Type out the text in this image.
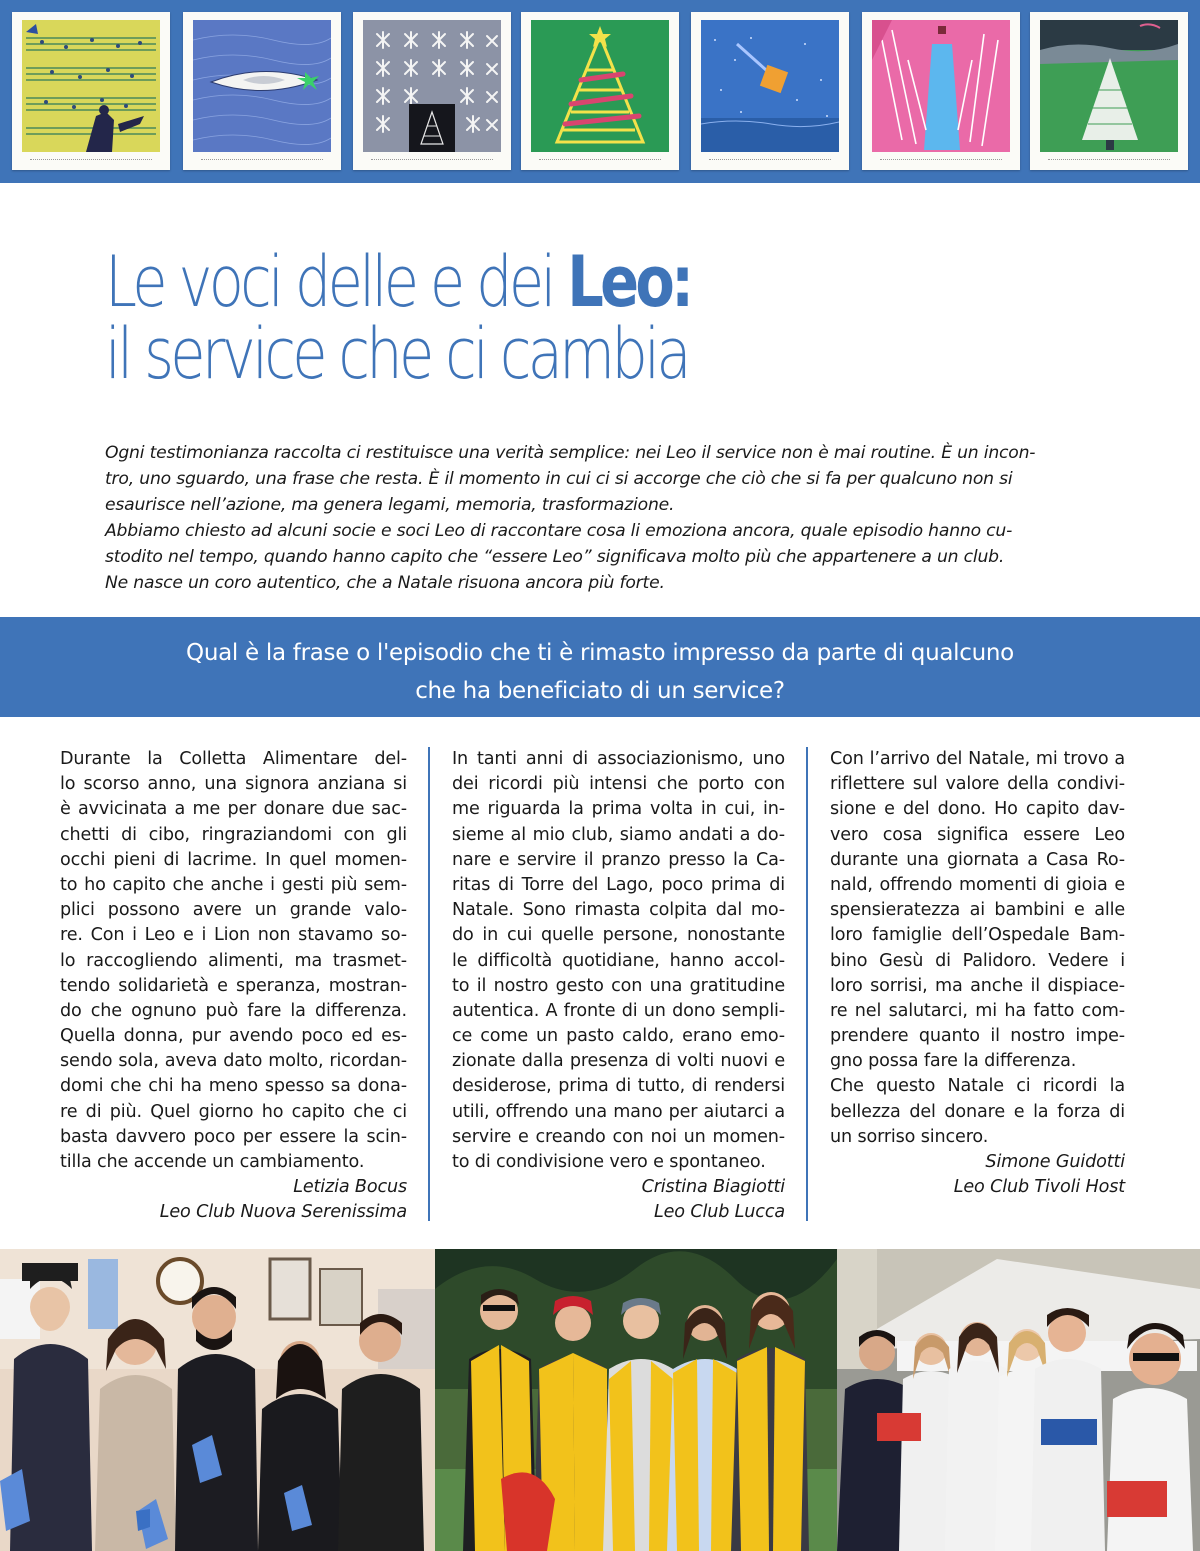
Le voci delle e dei Leo:
il service che ci cambia

Ogni testimonianza raccolta ci restituisce una verità semplice: nei Leo il service non è mai routine. È un incon-
tro, uno sguardo, una frase che resta. È il momento in cui ci si accorge che ciò che si fa per qualcuno non si
esaurisce nell’azione, ma genera legami, memoria, trasformazione.
Abbiamo chiesto ad alcuni socie e soci Leo di raccontare cosa li emoziona ancora, quale episodio hanno cu-
stodito nel tempo, quando hanno capito che “essere Leo” significava molto più che appartenere a un club.
Ne nasce un coro autentico, che a Natale risuona ancora più forte.

Qual è la frase o l'episodio che ti è rimasto impresso da parte di qualcuno
che ha beneficiato di un service?
Durante la Colletta Alimentare del-
lo scorso anno, una signora anziana si
è avvicinata a me per donare due sac-
chetti di cibo, ringraziandomi con gli
occhi pieni di lacrime. In quel momen-
to ho capito che anche i gesti più sem-
plici possono avere un grande valo-
re. Con i Leo e i Lion non stavamo so-
lo raccogliendo alimenti, ma trasmet-
tendo solidarietà e speranza, mostran-
do che ognuno può fare la differenza.
Quella donna, pur avendo poco ed es-
sendo sola, aveva dato molto, ricordan-
domi che chi ha meno spesso sa dona-
re di più. Quel giorno ho capito che ci
basta davvero poco per essere la scin-
tilla che accende un cambiamento.
Letizia Bocus
Leo Club Nuova Serenissima
In tanti anni di associazionismo, uno
dei ricordi più intensi che porto con
me riguarda la prima volta in cui, in-
sieme al mio club, siamo andati a do-
nare e servire il pranzo presso la Ca-
ritas di Torre del Lago, poco prima di
Natale. Sono rimasta colpita dal mo-
do in cui quelle persone, nonostante
le difficoltà quotidiane, hanno accol-
to il nostro gesto con una gratitudine
autentica. A fronte di un dono sempli-
ce come un pasto caldo, erano emo-
zionate dalla presenza di volti nuovi e
desiderose, prima di tutto, di rendersi
utili, offrendo una mano per aiutarci a
servire e creando con noi un momen-
to di condivisione vero e spontaneo.
Cristina Biagiotti
Leo Club Lucca
Con l’arrivo del Natale, mi trovo a
riflettere sul valore della condivi-
sione e del dono. Ho capito dav-
vero cosa significa essere Leo
durante una giornata a Casa Ro-
nald, offrendo momenti di gioia e
spensieratezza ai bambini e alle
loro famiglie dell’Ospedale Bam-
bino Gesù di Palidoro. Vedere i
loro sorrisi, ma anche il dispiace-
re nel salutarci, mi ha fatto com-
prendere quanto il nostro impe-
gno possa fare la differenza.
Che questo Natale ci ricordi la
bellezza del donare e la forza di
un sorriso sincero.
Simone Guidotti
Leo Club Tivoli Host
